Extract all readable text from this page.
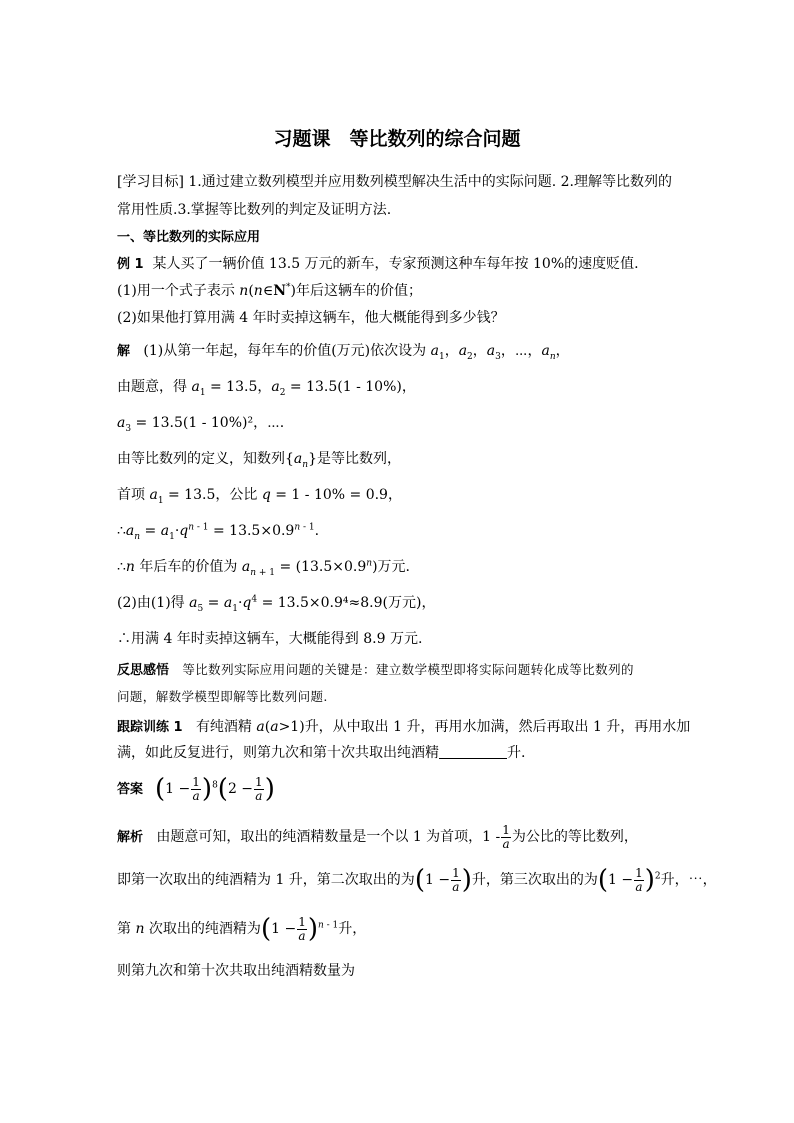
习题课　等比数列的综合问题
[学习目标] 1.通过建立数列模型并应用数列模型解决生活中的实际问题. 2.理解等比数列的
常用性质.3.掌握等比数列的判定及证明方法.
一、等比数列的实际应用
例 1 某人买了一辆价值 13.5 万元的新车，专家预测这种车每年按 10%的速度贬值.
(1)用一个式子表示 n(n∈N*)年后这辆车的价值；
(2)如果他打算用满 4 年时卖掉这辆车，他大概能得到多少钱？
解 (1)从第一年起，每年车的价值(万元)依次设为 $a_1$，$a_2$，$a_3$，⋯，$a_n$，
由题意，得 $a_1 = 13.5$，$a_2 = 13.5(1 - 10\%)$，
$a_3 = 13.5(1 - 10\%)^2$，⋯.
由等比数列的定义，知数列$\{a_n\}$是等比数列，
首项 $a_1 = 13.5$，公比 q = 1 - 10% = 0.9，
$\therefore a_n = a_1\cdot q^{n - 1} = 13.5\times 0.9^{n - 1}$.
∴n 年后车的价值为 $a_{n + 1} = (13.5\times 0.9^n)$万元.
(2)由(1)得 $a_5 = a_1\cdot q^4 = 13.5\times 0.9^4\approx 8.9$(万元)，
∴用满 4 年时卖掉这辆车，大概能得到 8.9 万元.
反思感悟 等比数列实际应用问题的关键是：建立数学模型即将实际问题转化成等比数列的
问题，解数学模型即解等比数列问题.
跟踪训练 1 有纯酒精 a(a>1)升，从中取出 1 升，再用水加满，然后再取出 1 升，再用水加
满，如此反复进行，则第九次和第十次共取出纯酒精	升.
答案 $(1 - \frac{1}{a} )^8(2 - \frac{1}{a}$ )
解析 由题意可知，取出的纯酒精数量是一个以 1 为首项，$1 - \frac{1}{a}$ 为公比的等比数列，
即第一次取出的纯酒精为 1 升，第二次取出的为($1 - \frac{1}{a}$ )升，第三次取出的为$(1 - \frac{1}{a} )^2$升，⋯，
第 n 次取出的纯酒精为$(1 - \frac{1}{a} )^{n - 1}$升，
则第九次和第十次共取出纯酒精数量为
